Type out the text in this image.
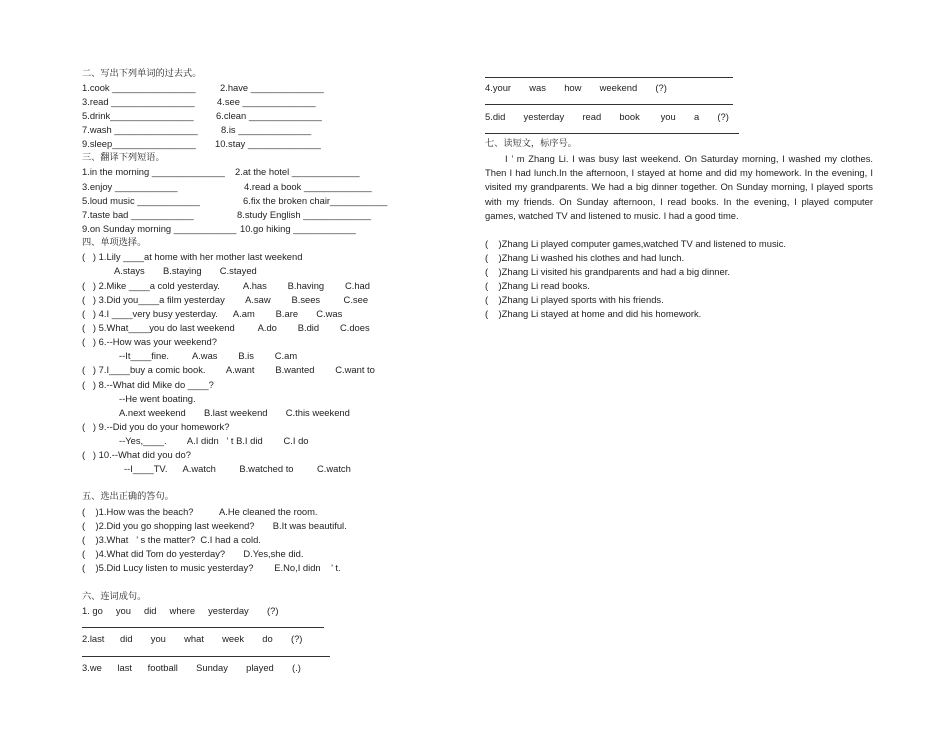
二、写出下列单词的过去式。
1.cook ________________	2.have ______________
3.read ________________ 4.see ______________
5.drink________________ 6.clean ______________
7.wash ________________ 8.is ______________
9.sleep________________ 10.stay ______________
三、翻译下列短语。
1.in the morning ______________ 2.at the hotel _____________
3.enjoy ____________	4.read a book _____________
5.loud music ____________	6.fix the broken chair___________
7.taste bad ____________	8.study English _____________
9.on Sunday morning ____________ 10.go hiking ____________
四、单项选择。
(   ) 1.Lily ____at home with her mother last weekend
A.stays       B.staying       C.stayed
(   ) 2.Mike ____a cold yesterday.         A.has        B.having        C.had
(   ) 3.Did you____a film yesterday        A.saw        B.sees         C.see
(   ) 4.I ____very busy yesterday.      A.am        B.are       C.was
(   ) 5.What____you do last weekend         A.do        B.did        C.does
(   ) 6.--How was your weekend?
--It____fine.         A.was        B.is        C.am
(   ) 7.I____buy a comic book.        A.want        B.wanted        C.want to
(   ) 8.--What did Mike do ____?
--He went boating.
A.next weekend       B.last weekend       C.this weekend
(   ) 9.--Did you do your homework?
--Yes,____.        A.I didn   ’ t B.I did        C.I do
(   ) 10.--What did you do?
--I____TV.      A.watch         B.watched to         C.watch
五、选出正确的答句。
(    )1.How was the beach?          A.He cleaned the room.
(    )2.Did you go shopping last weekend?       B.It was beautiful.
(    )3.What   ’ s the matter?  C.I had a cold.
(    )4.What did Tom do yesterday?       D.Yes,she did.
(    )5.Did Lucy listen to music yesterday?        E.No,I didn    ’ t.
六、连词成句。
1. go     you     did     where     yesterday       (?)
2.last      did       you       what       week       do       (?)
3.we      last      football       Sunday       played       (.)
4.your       was       how       weekend       (?)
5.did       yesterday       read       book        you       a       (?)
七、读短文，标序号。
I ’ m Zhang Li. I was busy last weekend. On Saturday morning, I washed my clothes. Then I had lunch.In the afternoon, I stayed at home and did my homework. In the evening, I visited my grandparents. We had a big dinner together. On Sunday morning, I played sports with my friends. On Sunday afternoon, I read books. In the evening, I played computer games, watched TV and listened to music. I had a good time.
(    )Zhang Li played computer games,watched TV and listened to music.
(    )Zhang Li washed his clothes and had lunch.
(    )Zhang Li visited his grandparents and had a big dinner.
(    )Zhang Li read books.
(    )Zhang Li played sports with his friends.
(    )Zhang Li stayed at home and did his homework.
